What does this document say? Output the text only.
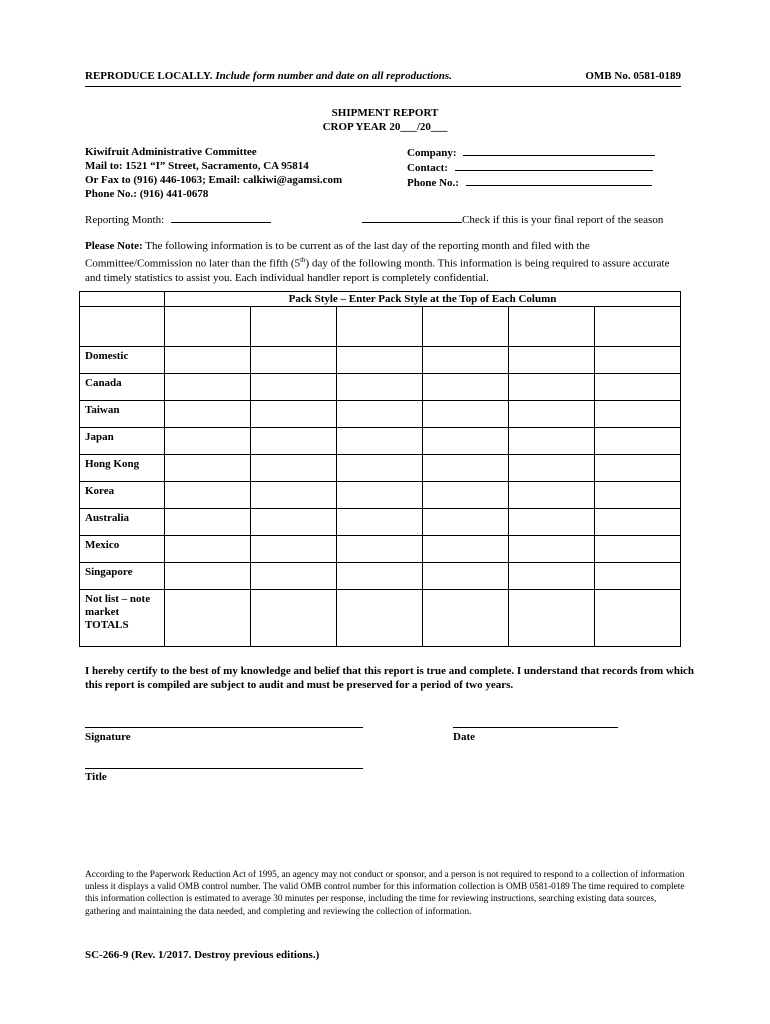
REPRODUCE LOCALLY. Include form number and date on all reproductions.	OMB No. 0581-0189
SHIPMENT REPORT
CROP YEAR 20___/20___
Kiwifruit Administrative Committee
Mail to: 1521 “I” Street, Sacramento, CA 95814
Or Fax to (916) 446-1063; Email: calkiwi@agamsi.com
Phone No.: (916) 441-0678
Company:
Contact:
Phone No.:
Reporting Month:	Check if this is your final report of the season
Please Note: The following information is to be current as of the last day of the reporting month and filed with the Committee/Commission no later than the fifth (5th) day of the following month. This information is being required to assure accurate and timely statistics to assist you. Each individual handler report is completely confidential.
	Pack Style – Enter Pack Style at the Top of Each Column					

Domestic						
Canada						
Taiwan						
Japan						
Hong Kong						
Korea						
Australia						
Mexico						
Singapore						

Not list – note
market
TOTALS						

I hereby certify to the best of my knowledge and belief that this report is true and complete. I understand that records from which this report is compiled are subject to audit and must be preserved for a period of two years.
Signature	Date
Title
According to the Paperwork Reduction Act of 1995, an agency may not conduct or sponsor, and a person is not required to respond to a collection of information unless it displays a valid OMB control number. The valid OMB control number for this information collection is OMB 0581-0189 The time required to complete this information collection is estimated to average 30 minutes per response, including the time for reviewing instructions, searching existing data sources, gathering and maintaining the data needed, and completing and reviewing the collection of information.
SC-266-9 (Rev. 1/2017. Destroy previous editions.)
